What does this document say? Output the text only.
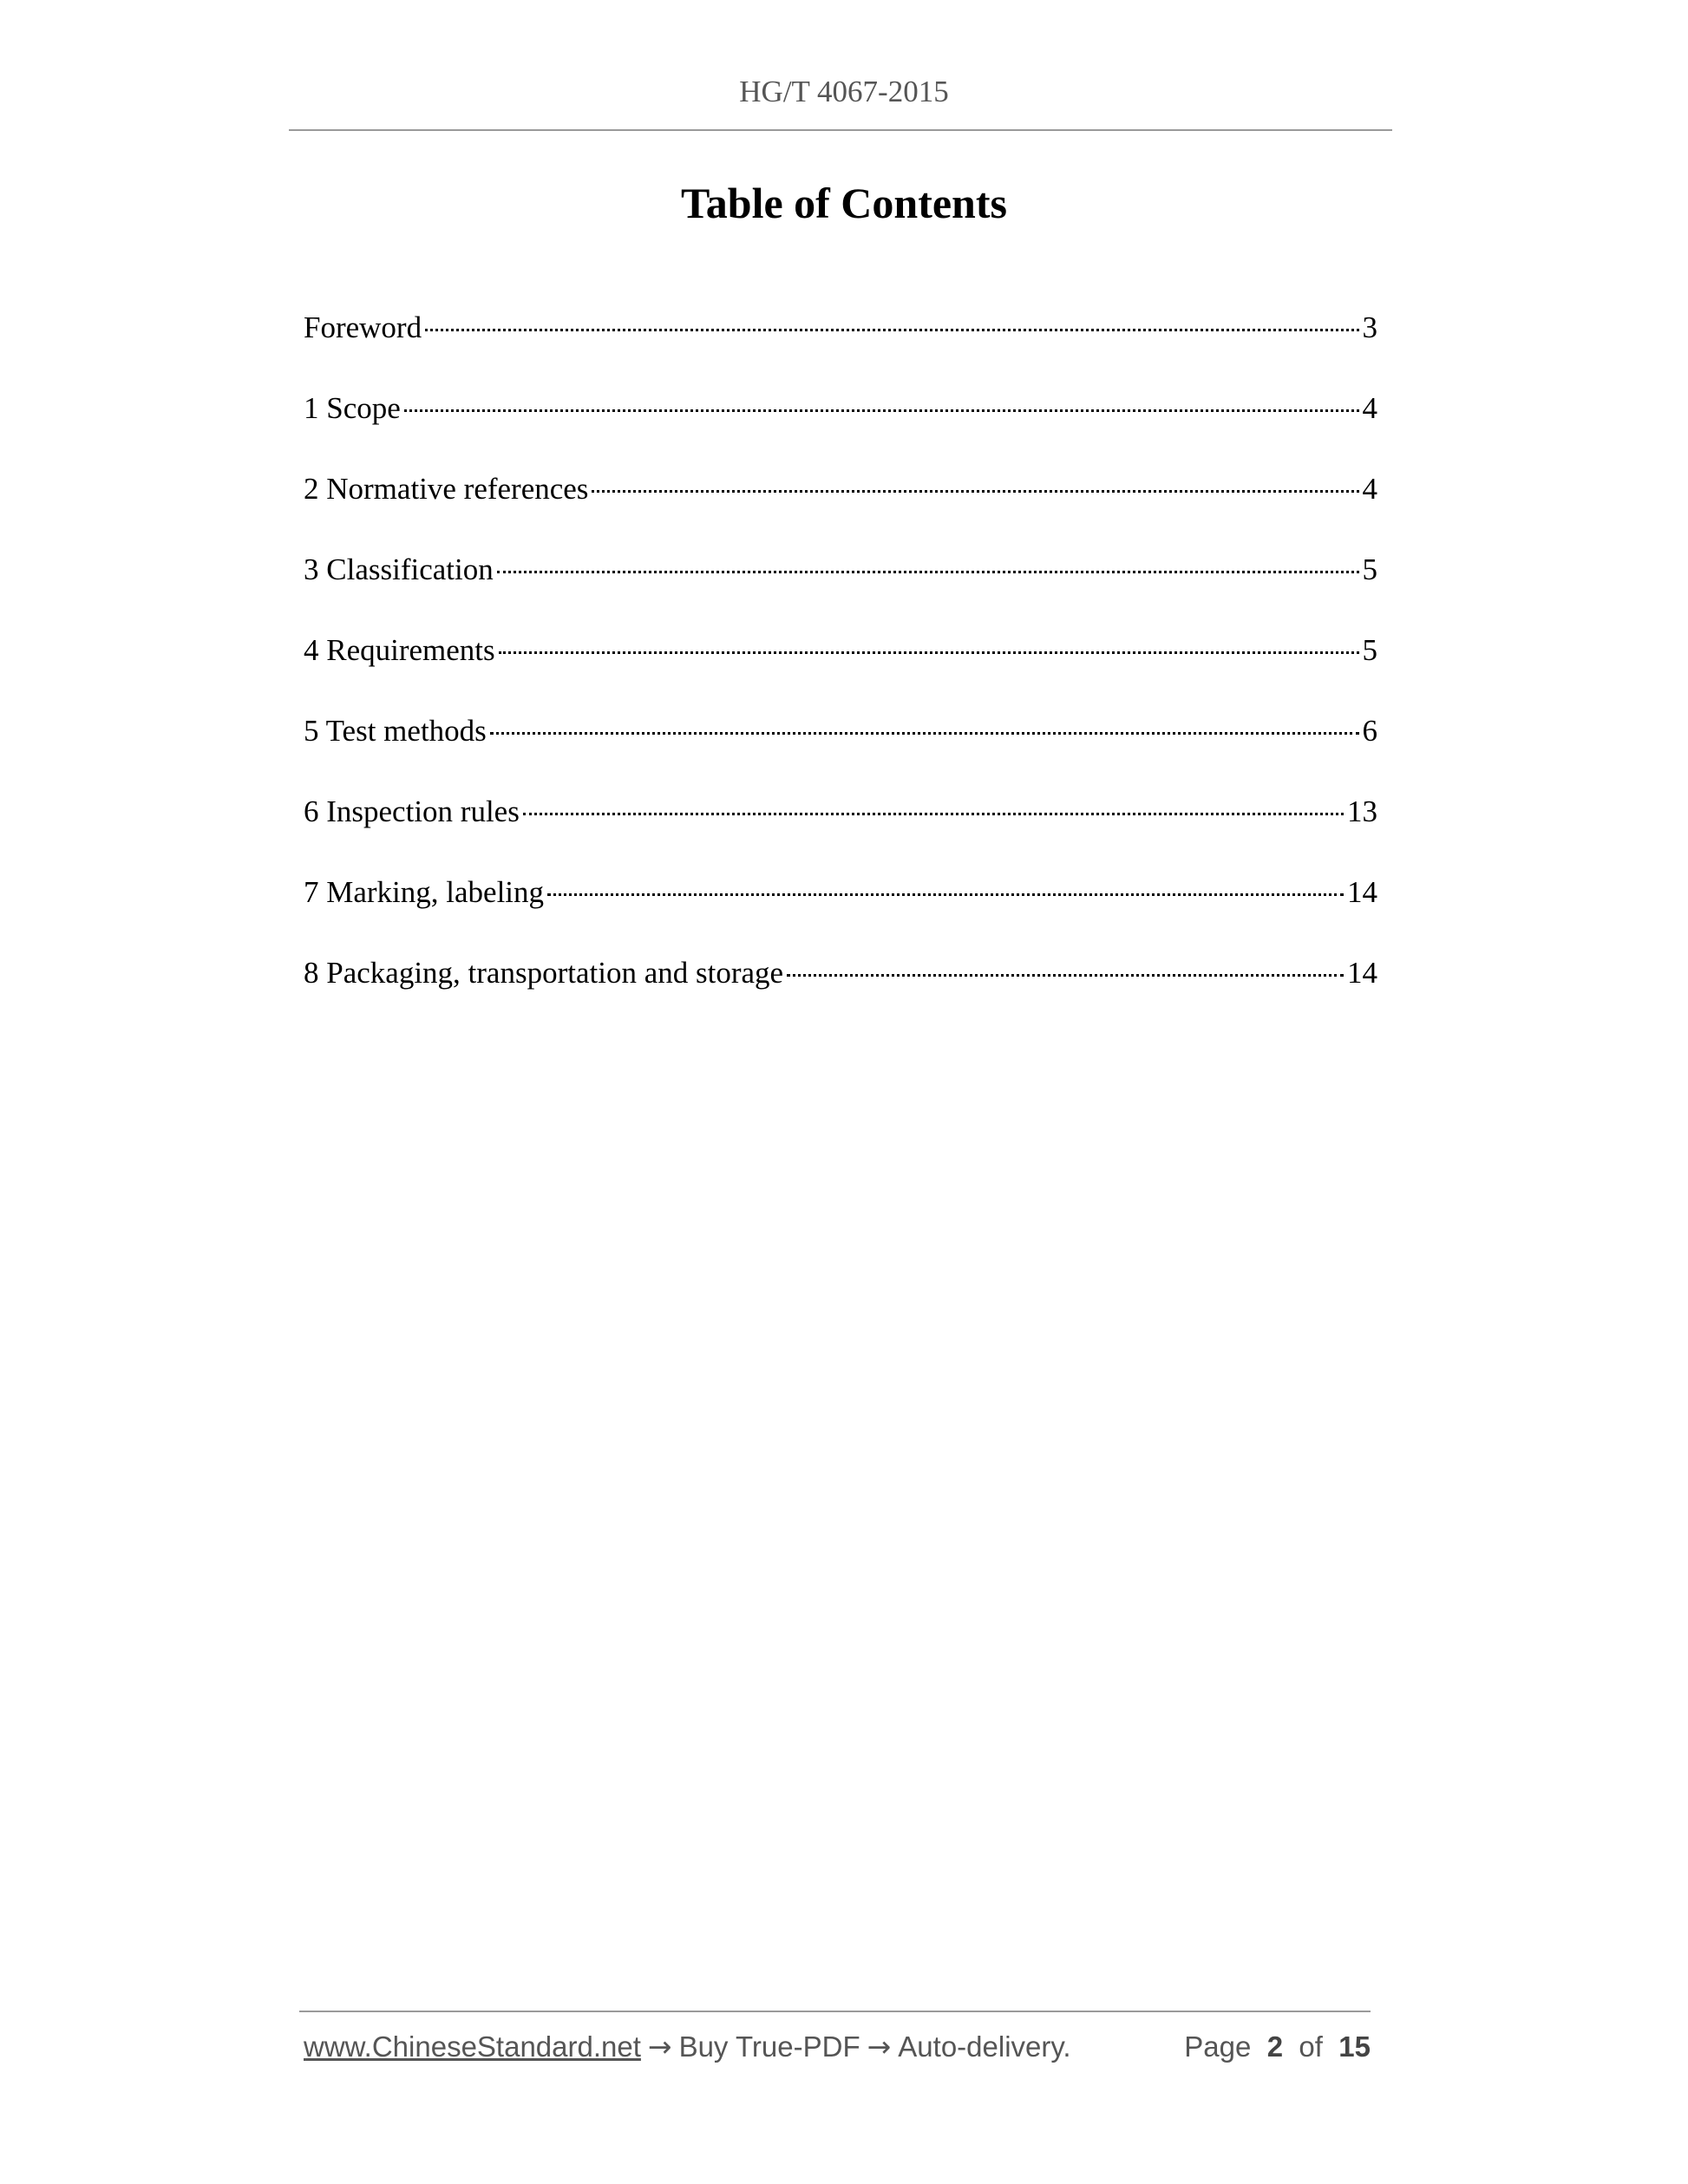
HG/T 4067-2015
Table of Contents
Foreword	3
1 Scope	4
2 Normative references	4
3 Classification	5
4 Requirements	5
5 Test methods	6
6 Inspection rules	13
7 Marking, labeling	14
8 Packaging, transportation and storage	14
www.ChineseStandard.net → Buy True-PDF → Auto-delivery.	Page 2 of 15
